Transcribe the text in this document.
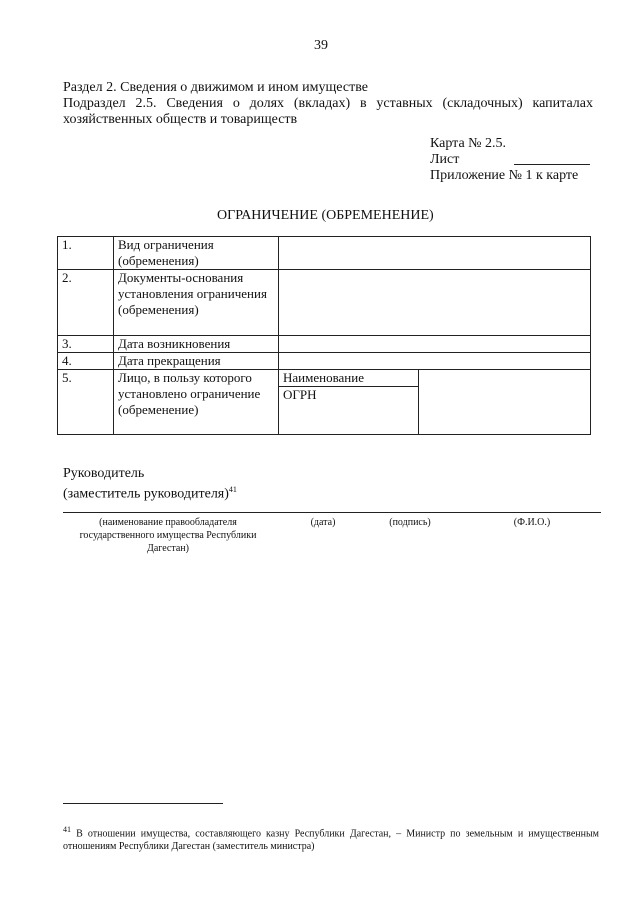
39
Раздел 2. Сведения о движимом и ином имуществе
Подраздел 2.5. Сведения о долях (вкладах) в уставных (складочных) капиталах
хозяйственных обществ и товариществ
Карта № 2.5.
Лист
Приложение № 1 к карте
ОГРАНИЧЕНИЕ (ОБРЕМЕНЕНИЕ)
1.	Вид ограничения (обременения)		
2.	Документы-основания установления ограничения (обременения)		
3.	Дата возникновения		
4.	Дата прекращения		
5.	Лицо, в пользу которого установлено ограничение (обременение)	Наименование	
		ОГРН	
Руководитель
(заместитель руководителя)$^{41}$
(наименование правообладателя государственного имущества Республики Дагестан)
(дата)	(подпись)	(Ф.И.О.)
$^{41}$ В отношении имущества, составляющего казну Республики Дагестан, – Министр по земельным и имущественным отношениям Республики Дагестан (заместитель министра)
